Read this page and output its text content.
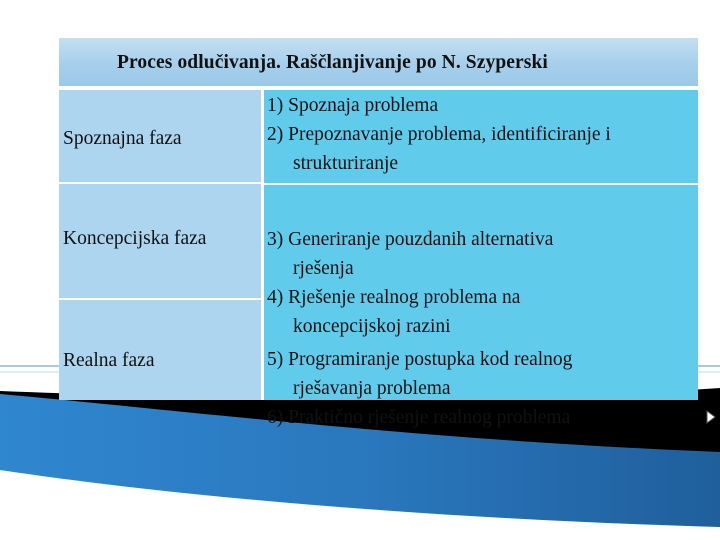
Proces odlučivanja. Raščlanjivanje po N. Szyperski
Spoznajna faza
Koncepcijska faza
Realna faza
1) Spoznaja problema
2) Prepoznavanje problema, identificiranje i
strukturiranje
3) Generiranje pouzdanih alternativa
rješenja
4) Rješenje realnog problema na
koncepcijskoj razini
5) Programiranje postupka kod realnog
rješavanja problema
6) Praktično rješenje realnog problema
